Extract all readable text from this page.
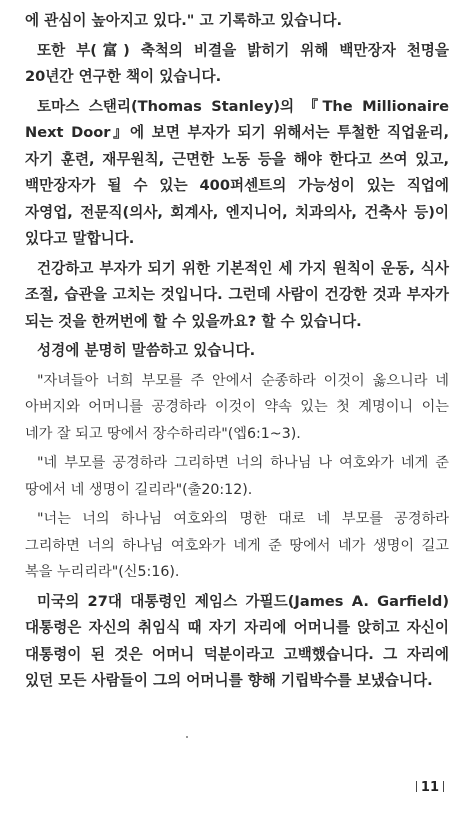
에 관심이 높아지고 있다." 고 기록하고 있습니다.

또한 부(富) 축척의 비결을 밝히기 위해 백만장자 천명을 20년간 연구한 책이 있습니다.

토마스 스탠리(Thomas Stanley)의 『The Millionaire Next Door』에 보면 부자가 되기 위해서는 투철한 직업윤리, 자기 훈련, 재무원칙, 근면한 노동 등을 해야 한다고 쓰여 있고, 백만장자가 될 수 있는 400퍼센트의 가능성이 있는 직업에 자영업, 전문직(의사, 회계사, 엔지니어, 치과의사, 건축사 등)이 있다고 말합니다.

건강하고 부자가 되기 위한 기본적인 세 가지 원칙이 운동, 식사 조절, 습관을 고치는 것입니다. 그런데 사람이 건강한 것과 부자가 되는 것을 한꺼번에 할 수 있을까요? 할 수 있습니다.

성경에 분명히 말씀하고 있습니다.

"자녀들아 너희 부모를 주 안에서 순종하라 이것이 옳으니라 네 아버지와 어머니를 공경하라 이것이 약속 있는 첫 계명이니 이는 네가 잘 되고 땅에서 장수하리라"(엡6:1~3).

"네 부모를 공경하라 그리하면 너의 하나님 나 여호와가 네게 준 땅에서 네 생명이 길리라"(출20:12).

"너는 너의 하나님 여호와의 명한 대로 네 부모를 공경하라 그리하면 너의 하나님 여호와가 네게 준 땅에서 네가 생명이 길고 복을 누리리라"(신5:16).

미국의 27대 대통령인 제임스 가필드(James A. Garfield) 대통령은 자신의 취임식 때 자기 자리에 어머니를 앉히고 자신이 대통령이 된 것은 어머니 덕분이라고 고백했습니다. 그 자리에 있던 모든 사람들이 그의 어머니를 향해 기립박수를 보냈습니다.

11
